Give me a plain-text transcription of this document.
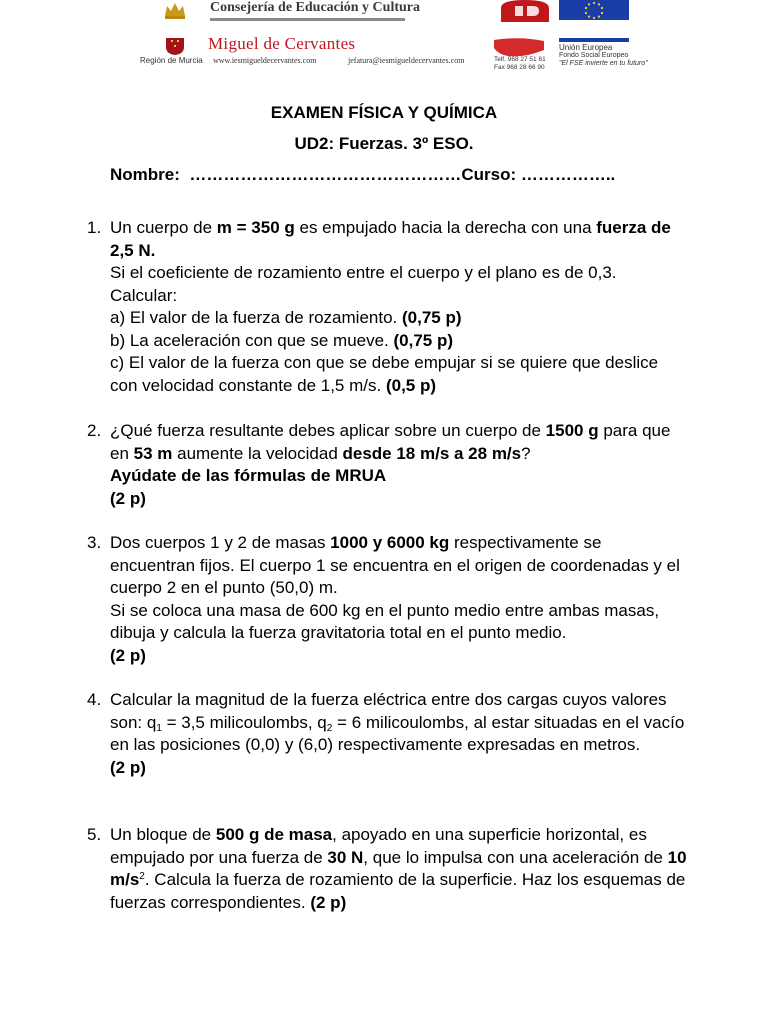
Consejería de Educación y Cultura
Miguel de Cervantes
Región de Murcia www.iesmigueldecervantes.com	jefatura@iesmigueldecervantes.com	Telf. 968 27 51 61
Fax 968 28 66 90
Unión Europea
Fondo Social Europeo
"El FSE invierte en tu futuro"
EXAMEN FÍSICA Y QUÍMICA
UD2: Fuerzas. 3º ESO.
Nombre:  …………………………………………Curso: ……………..
1. Un cuerpo de m = 350 g es empujado hacia la derecha con una fuerza de 2,5 N.

Si el coeficiente de rozamiento entre el cuerpo y el plano es de 0,3.

Calcular:

a) El valor de la fuerza de rozamiento. (0,75 p)

b) La aceleración con que se mueve. (0,75 p)

c) El valor de la fuerza con que se debe empujar si se quiere que deslice con velocidad constante de 1,5 m/s. (0,5 p)

2. ¿Qué fuerza resultante debes aplicar sobre un cuerpo de 1500 g para que en 53 m aumente la velocidad desde 18 m/s a 28 m/s?

Ayúdate de las fórmulas de MRUA

(2 p)

3. Dos cuerpos 1 y 2 de masas 1000 y 6000 kg respectivamente se encuentran fijos. El cuerpo 1 se encuentra en el origen de coordenadas y el cuerpo 2 en el punto (50,0) m.

Si se coloca una masa de 600 kg en el punto medio entre ambas masas, dibuja y calcula la fuerza gravitatoria total en el punto medio.

(2 p)

4. Calcular la magnitud de la fuerza eléctrica entre dos cargas cuyos valores son: $q_1 = 3,5$ milicoulombs, $q_2 = 6$ milicoulombs, al estar situadas en el vacío en las posiciones (0,0) y (6,0) respectivamente expresadas en metros.

(2 p)

5. Un bloque de 500 g de masa, apoyado en una superficie horizontal, es empujado por una fuerza de 30 N, que lo impulsa con una aceleración de 10 $m/s^2$. Calcula la fuerza de rozamiento de la superficie. Haz los esquemas de fuerzas correspondientes. (2 p)
